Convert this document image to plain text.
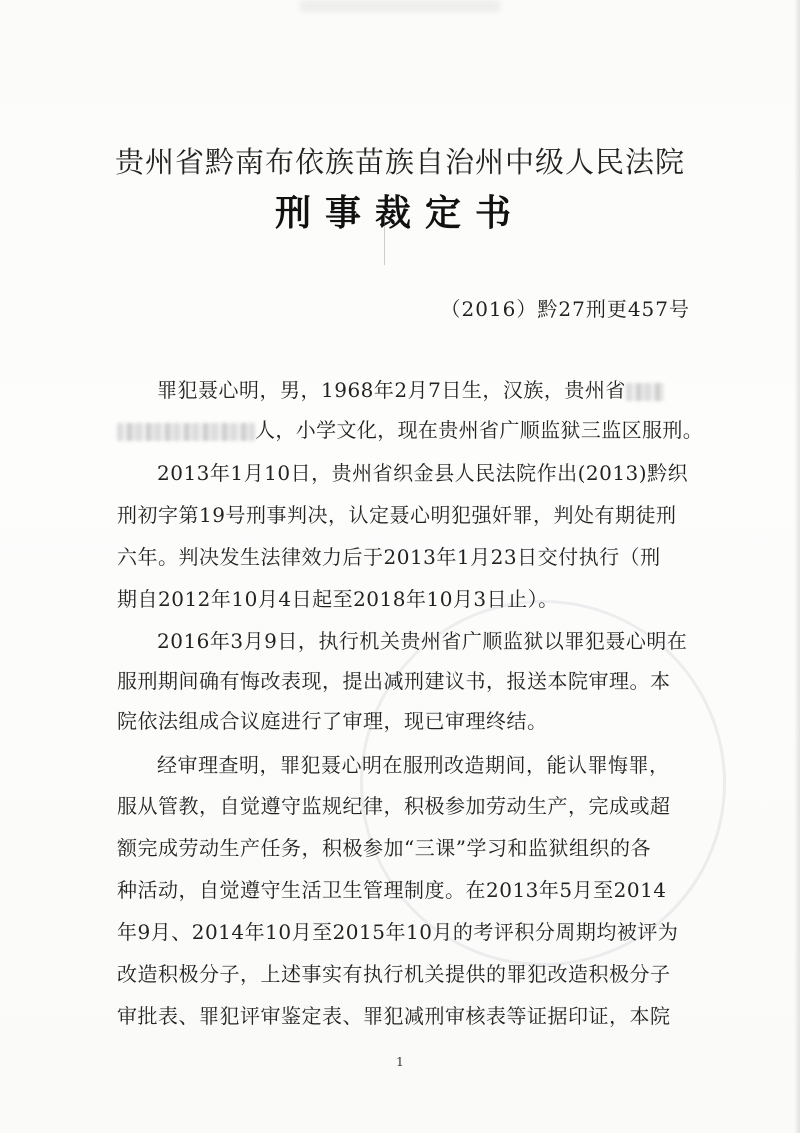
贵州省黔南布依族苗族自治州中级人民法院
刑事裁定书
（2016）黔27刑更457号
罪犯聂心明，男，1968年2月7日生，汉族，贵州省
人，小学文化，现在贵州省广顺监狱三监区服刑。
2013年1月10日，贵州省织金县人民法院作出(2013)黔织
刑初字第19号刑事判决，认定聂心明犯强奸罪，判处有期徒刑
六年。判决发生法律效力后于2013年1月23日交付执行（刑
期自2012年10月4日起至2018年10月3日止）。
2016年3月9日，执行机关贵州省广顺监狱以罪犯聂心明在
服刑期间确有悔改表现，提出减刑建议书，报送本院审理。本
院依法组成合议庭进行了审理，现已审理终结。
经审理查明，罪犯聂心明在服刑改造期间，能认罪悔罪，
服从管教，自觉遵守监规纪律，积极参加劳动生产，完成或超
额完成劳动生产任务，积极参加“三课”学习和监狱组织的各
种活动，自觉遵守生活卫生管理制度。在2013年5月至2014
年9月、2014年10月至2015年10月的考评积分周期均被评为
改造积极分子，上述事实有执行机关提供的罪犯改造积极分子
审批表、罪犯评审鉴定表、罪犯减刑审核表等证据印证，本院
1
